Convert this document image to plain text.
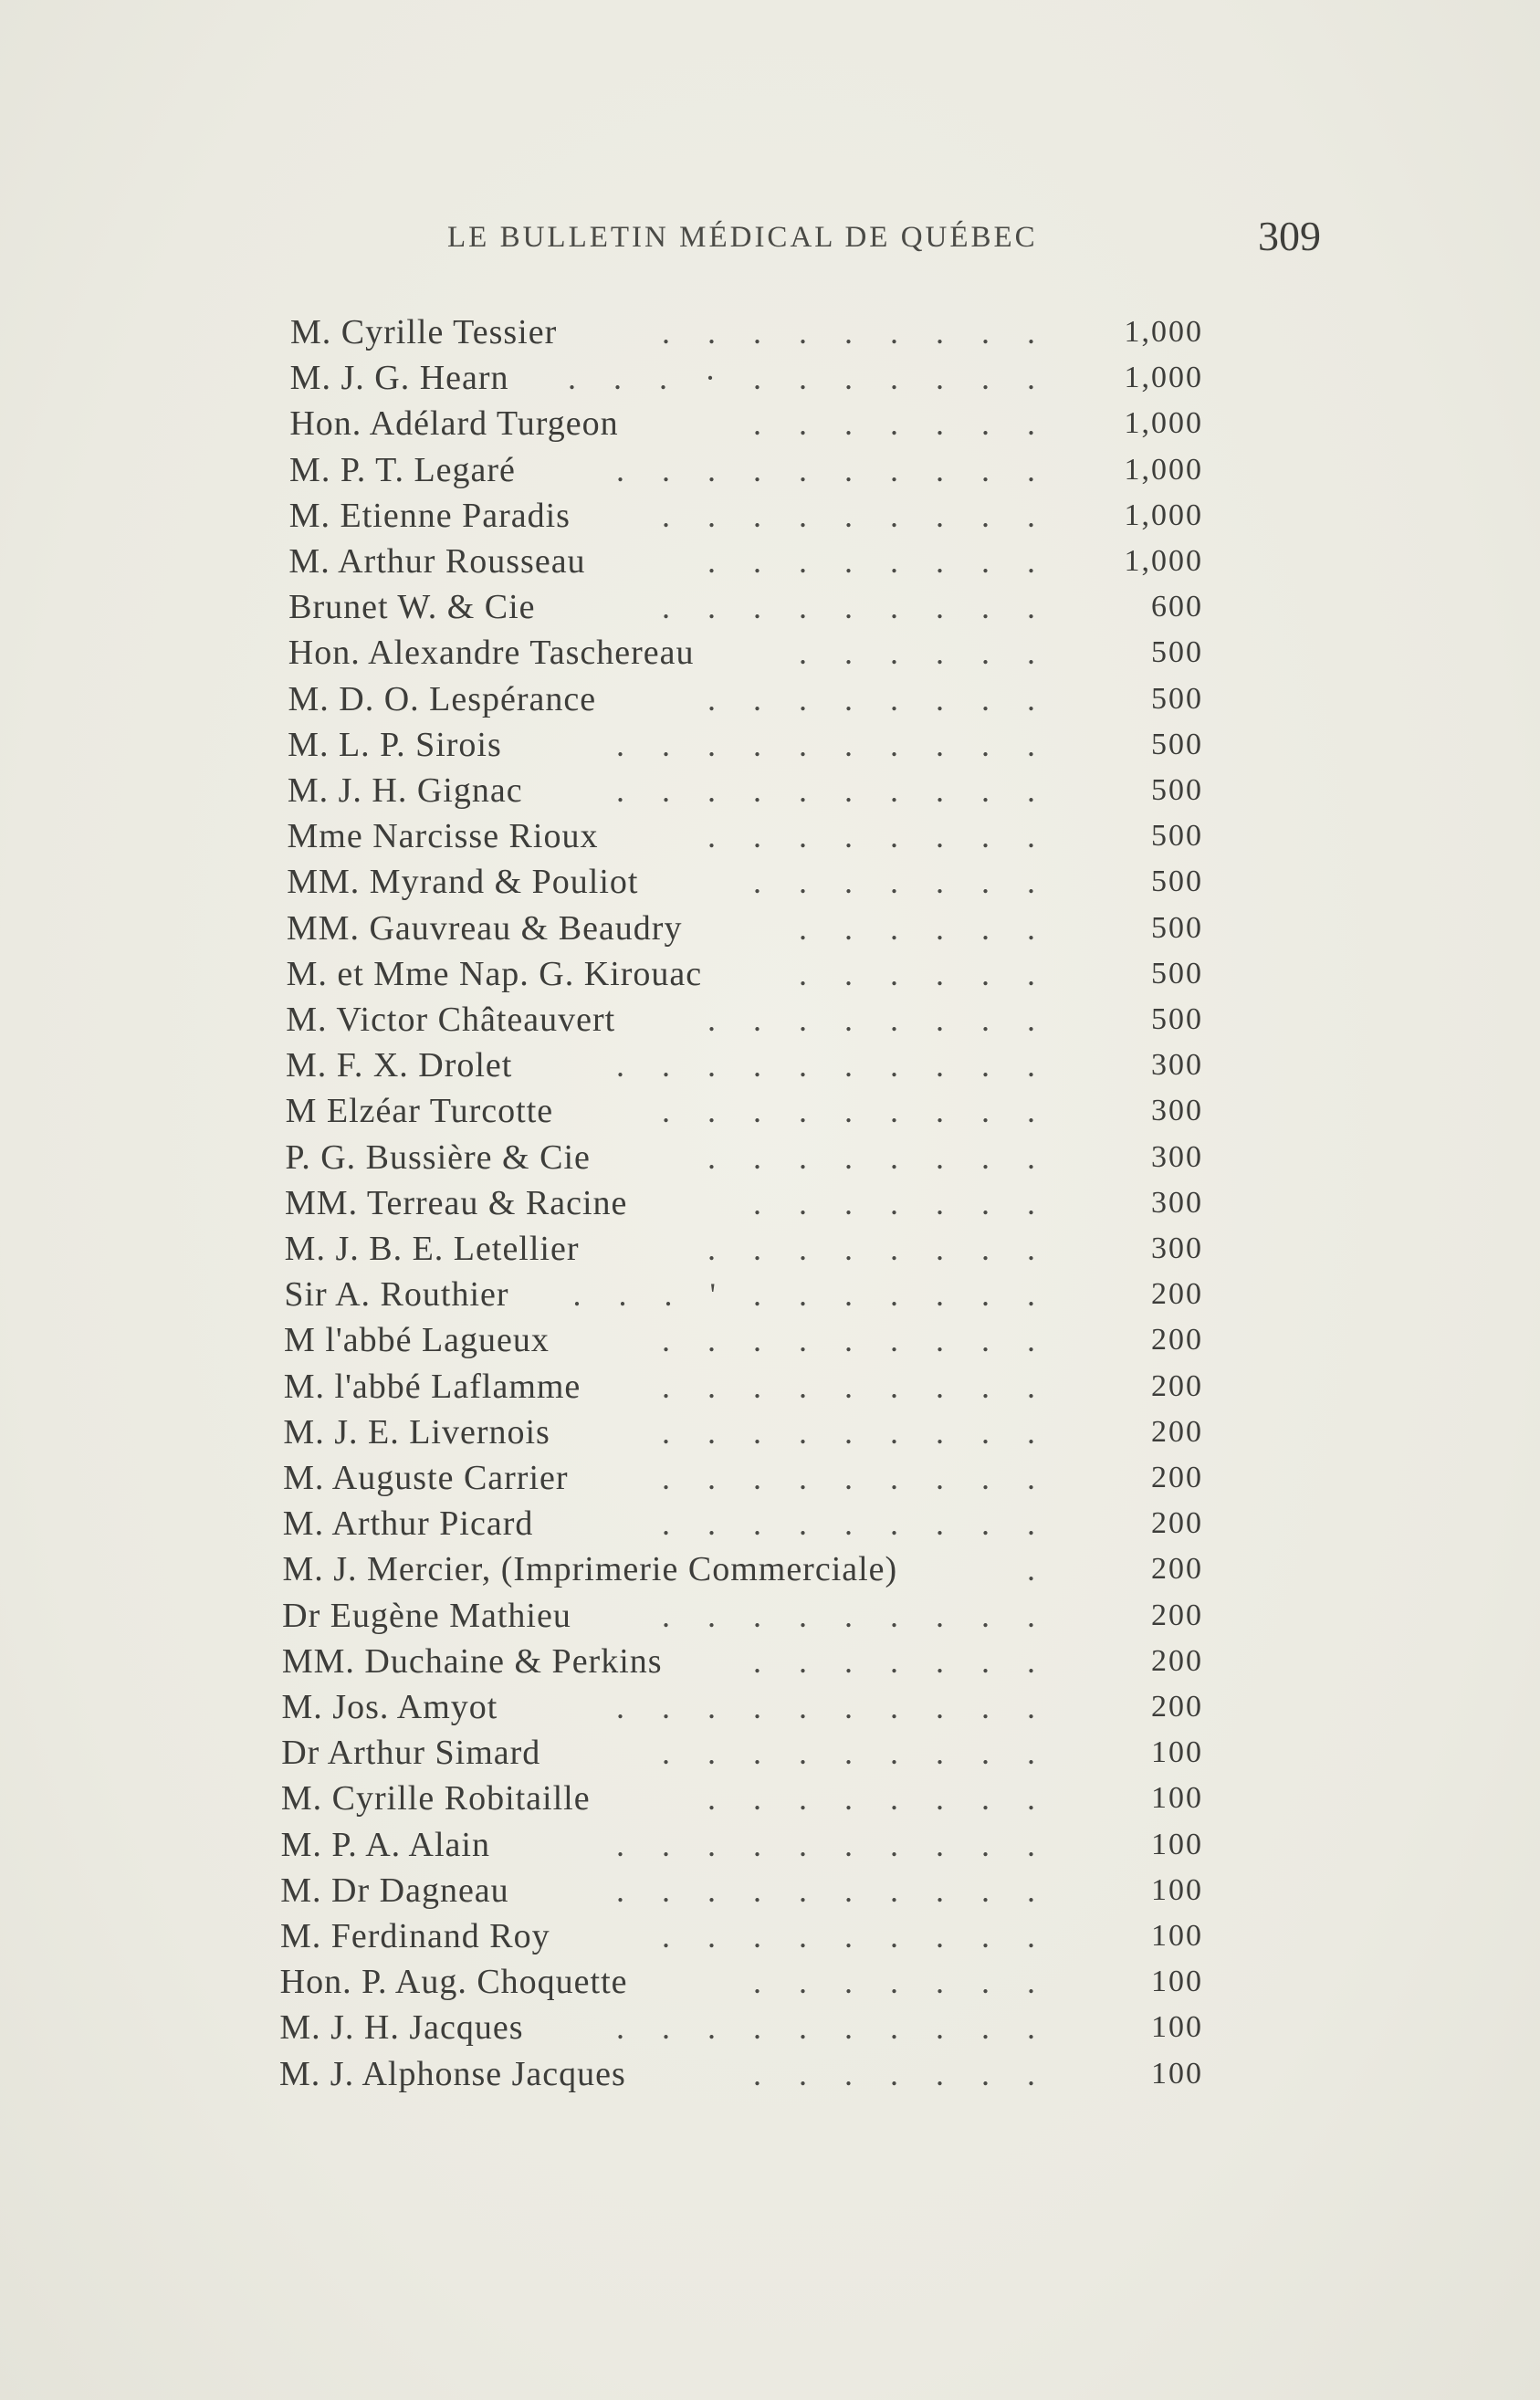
LE BULLETIN MÉDICAL DE QUÉBEC	309
M. Cyrille Tessier	. . . . . . . . .	1,000
M. J. G. Hearn . . . · . . . . . . .	1,000
Hon. Adélard Turgeon	. . . . . . .	1,000
M. P. T. Legaré	. . . . . . . . . .	1,000
M. Etienne Paradis	. . . . . . . . .	1,000
M. Arthur Rousseau	. . . . . . . .	1,000
Brunet W. & Cie	. . . . . . . . .	600
Hon. Alexandre Taschereau	. . . . . .	500
M. D. O. Lespérance	. . . . . . . .	500
M. L. P. Sirois	. . . . . . . . . .	500
M. J. H. Gignac	. . . . . . . . . .	500
Mme Narcisse Rioux	. . . . . . . .	500
MM. Myrand & Pouliot	. . . . . . .	500
MM. Gauvreau & Beaudry	. . . . . .	500
M. et Mme Nap. G. Kirouac	. . . . . .	500
M. Victor Châteauvert	. . . . . . . .	500
M. F. X. Drolet	. . . . . . . . . .	300
M Elzéar Turcotte	. . . . . . . . .	300
P. G. Bussière & Cie	. . . . . . . .	300
MM. Terreau & Racine	. . . . . . .	300
M. J. B. E. Letellier	. . . . . . . .	300
Sir A. Routhier . . . ' . . . . . . .	200
M l'abbé Lagueux	. . . . . . . . .	200
M. l'abbé Laflamme . . . . . . . . .	200
M. J. E. Livernois	. . . . . . . . .	200
M. Auguste Carrier	. . . . . . . . .	200
M. Arthur Picard	. . . . . . . . .	200
M. J. Mercier, (Imprimerie Commerciale)	.	200
Dr Eugène Mathieu	. . . . . . . . .	200
MM. Duchaine & Perkins	. . . . . . .	200
M. Jos. Amyot	. . . . . . . . . .	200
Dr Arthur Simard	. . . . . . . . .	100
M. Cyrille Robitaille	. . . . . . . .	100
M. P. A. Alain	. . . . . . . . . .	100
M. Dr Dagneau	. . . . . . . . . .	100
M. Ferdinand Roy	. . . . . . . . .	100
Hon. P. Aug. Choquette	. . . . . . .	100
M. J. H. Jacques	. . . . . . . . . .	100
M. J. Alphonse Jacques	. . . . . . .	100
